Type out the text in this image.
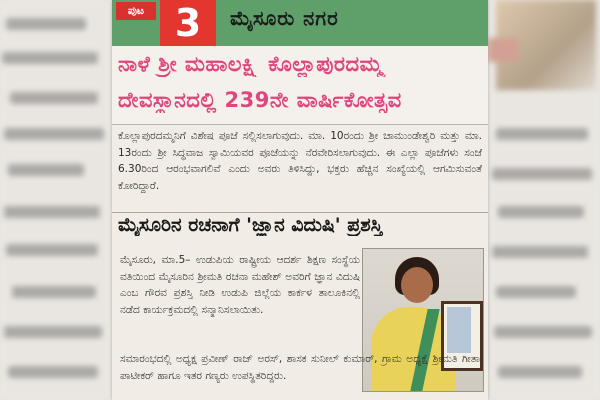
ಪುಟ 3	ಮೈಸೂರು ನಗರ
ನಾಳೆ ಶ್ರೀ ಮಹಾಲಕ್ಷ್ಮಿ ಕೊಲ್ಲಾಪುರದಮ್ಮ
ದೇವಸ್ಥಾನದಲ್ಲಿ 239ನೇ ವಾರ್ಷಿಕೋತ್ಸವ
ಕೊಲ್ಲಾಪುರದಮ್ಮನಿಗೆ ವಿಶೇಷ ಪೂಜೆ ಸಲ್ಲಿಸಲಾಗುವುದು. ಮಾ. 10ರಂದು ಶ್ರೀ ಚಾಮುಂಡೇಶ್ವರಿ ಮತ್ತು ಮಾ. 13ರಂದು ಶ್ರೀ ಸಿದ್ಧವಾಜ ಸ್ವಾಮಿಯವರ ಪೂಜೆಯನ್ನು ನೆರವೇರಿಸಲಾಗುವುದು. ಈ ಎಲ್ಲಾ ಪೂಜೆಗಳು ಸಂಜೆ 6.30ರಿಂದ ಆರಂಭವಾಗಲಿವೆ ಎಂದು ಅವರು ತಿಳಿಸಿದ್ದು, ಭಕ್ತರು ಹೆಚ್ಚಿನ ಸಂಖ್ಯೆಯಲ್ಲಿ ಆಗಮಿಸುವಂತೆ ಕೋರಿದ್ದಾರೆ.
ಮೈಸೂರಿನ ರಚನಾಗೆ 'ಜ್ಞಾನ ವಿದುಷಿ' ಪ್ರಶಸ್ತಿ
ಮೈಸೂರು, ಮಾ.5– ಉಡುಪಿಯ ರಾಷ್ಟ್ರೀಯ ಆದರ್ಶ ಶಿಕ್ಷಣ ಸಂಸ್ಥೆಯ ವತಿಯಿಂದ ಮೈಸೂರಿನ ಶ್ರೀಮತಿ ರಚನಾ ಮಹೇಶ್ ಅವರಿಗೆ ಜ್ಞಾನ ವಿದುಷಿ ಎಂಬ ಗೌರವ ಪ್ರಶಸ್ತಿ ನೀಡಿ ಉಡುಪಿ ಜಿಲ್ಲೆಯ ಕಾರ್ಕಳ ತಾಲೂಕಿನಲ್ಲಿ ನಡೆದ ಕಾರ್ಯಕ್ರಮದಲ್ಲಿ ಸನ್ಮಾನಿಸಲಾಯಿತು.
ಸಮಾರಂಭದಲ್ಲಿ ಅಧ್ಯಕ್ಷ ಪ್ರವೀಣ್ ರಾಜ್ ಅರಸ್, ಶಾಸಕ ಸುನೀಲ್ ಕುಮಾರ್, ಗ್ರಾಮ ಅಧ್ಯಕ್ಷೆ ಶ್ರೀಮತಿ ಗೀತಾ ಪಾಟೀಕರ್ ಹಾಗೂ ಇತರ ಗಣ್ಯರು ಉಪಸ್ಥಿತರಿದ್ದರು.
